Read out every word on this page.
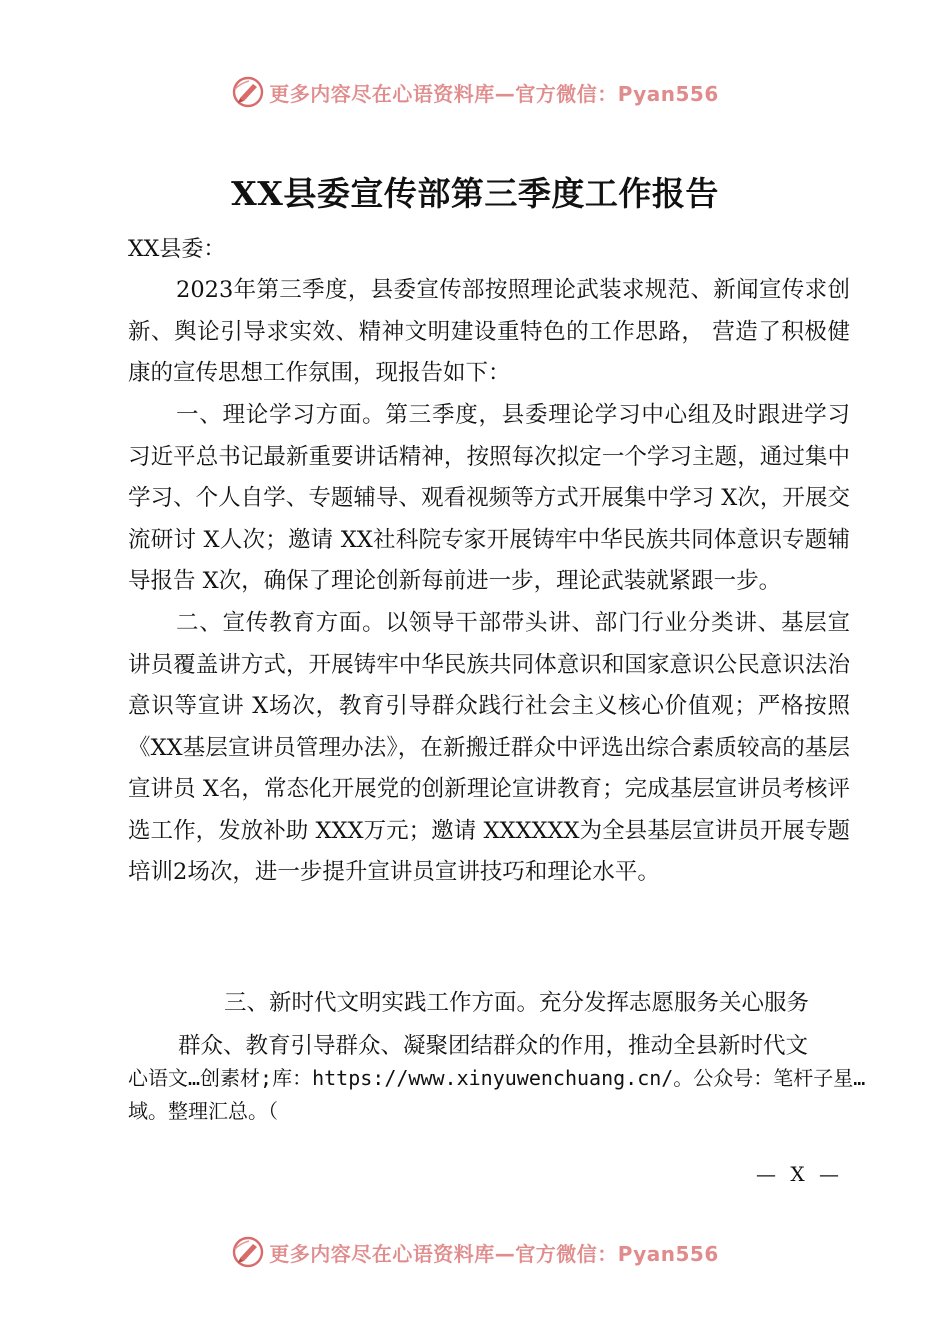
更多内容尽在心语资料库—官方微信：Pyan556
XX县委宣传部第三季度工作报告

XX县委：

2023年第三季度，县委宣传部按照理论武装求规范、新闻宣传求创新、舆论引导求实效、精神文明建设重特色的工作思路， 营造了积极健康的宣传思想工作氛围，现报告如下：

一、理论学习方面。第三季度，县委理论学习中心组及时跟进学习习近平总书记最新重要讲话精神，按照每次拟定一个学习主题，通过集中学习、个人自学、专题辅导、观看视频等方式开展集中学习 X次，开展交流研讨 X人次；邀请 XX社科院专家开展铸牢中华民族共同体意识专题辅导报告 X次，确保了理论创新每前进一步，理论武装就紧跟一步。

二、宣传教育方面。以领导干部带头讲、部门行业分类讲、基层宣讲员覆盖讲方式，开展铸牢中华民族共同体意识和国家意识公民意识法治意识等宣讲 X场次，教育引导群众践行社会主义核心价值观；严格按照《XX基层宣讲员管理办法》，在新搬迁群众中评选出综合素质较高的基层宣讲员 X名，常态化开展党的创新理论宣讲教育；完成基层宣讲员考核评选工作，发放补助 XXX万元；邀请 XXXXXX为全县基层宣讲员开展专题培训2场次，进一步提升宣讲员宣讲技巧和理论水平。

三、新时代文明实践工作方面。充分发挥志愿服务关心服务

群众、教育引导群众、凝聚团结群众的作用，推动全县新时代文

心语文…创素材;库：https://www.xinyuwenchuang.cn/。公众号：笔杆子星…域。整理汇总。（

— X —
更多内容尽在心语资料库—官方微信：Pyan556
